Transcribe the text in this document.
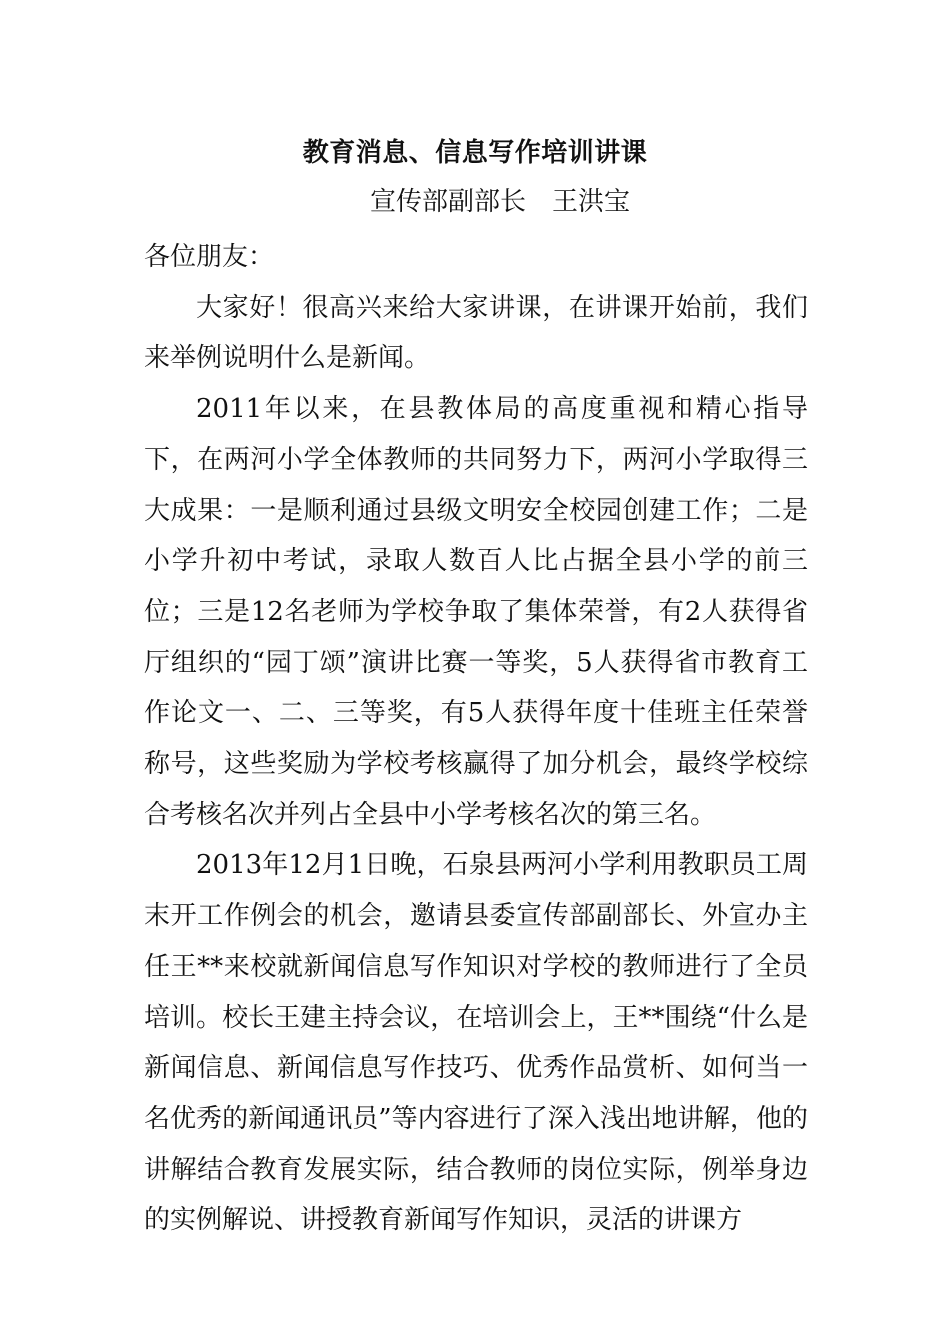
教育消息、信息写作培训讲课
宣传部副部长 王洪宝

各位朋友：

大家好！很高兴来给大家讲课，在讲课开始前，我们来举例说明什么是新闻。

2011年以来，在县教体局的高度重视和精心指导下，在两河小学全体教师的共同努力下，两河小学取得三大成果：一是顺利通过县级文明安全校园创建工作；二是小学升初中考试，录取人数百人比占据全县小学的前三位；三是12名老师为学校争取了集体荣誉，有2人获得省厅组织的“园丁颂”演讲比赛一等奖，5人获得省市教育工作论文一、二、三等奖，有5人获得年度十佳班主任荣誉称号，这些奖励为学校考核赢得了加分机会，最终学校综合考核名次并列占全县中小学考核名次的第三名。

2013年12月1日晚，石泉县两河小学利用教职员工周末开工作例会的机会，邀请县委宣传部副部长、外宣办主任王**来校就新闻信息写作知识对学校的教师进行了全员培训。校长王建主持会议，在培训会上，王**围绕“什么是新闻信息、新闻信息写作技巧、优秀作品赏析、如何当一名优秀的新闻通讯员”等内容进行了深入浅出地讲解，他的讲解结合教育发展实际，结合教师的岗位实际，例举身边的实例解说、讲授教育新闻写作知识，灵活的讲课方
